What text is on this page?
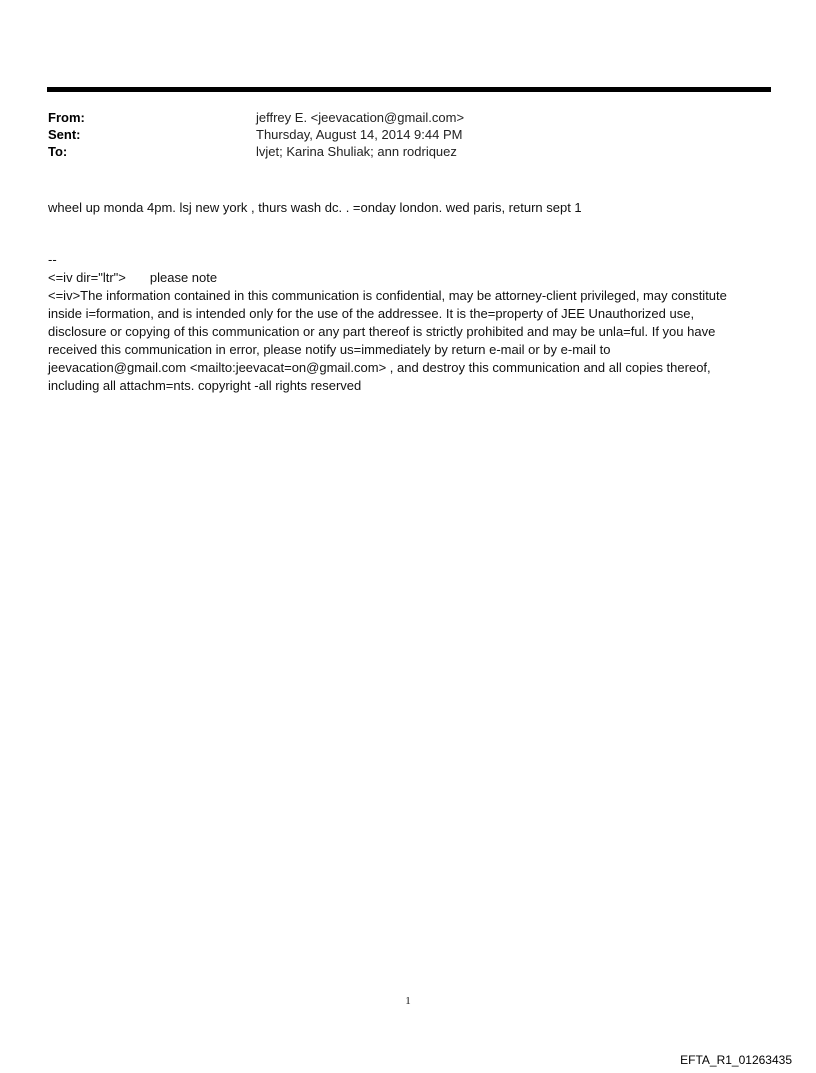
From:	jeffrey E. <jeevacation@gmail.com>
Sent:	Thursday, August 14, 2014 9:44 PM
To:	lvjet; Karina Shuliak; ann rodriquez
wheel up monda 4pm. lsj new york , thurs wash dc. . =onday london. wed paris, return sept 1
--
<=iv dir="ltr"> please note
<=iv>The information contained in this communication is confidential, may be attorney-client privileged, may constitute
inside i=formation, and is intended only for the use of the addressee. It is the=property of JEE Unauthorized use,
disclosure or copying of this communication or any part thereof is strictly prohibited and may be unla=ful. If you have
received this communication in error, please notify us=immediately by return e-mail or by e-mail to
jeevacation@gmail.com <mailto:jeevacat=on@gmail.com> , and destroy this communication and all copies thereof,
including all attachm=nts. copyright -all rights reserved
1
EFTA_R1_01263435
